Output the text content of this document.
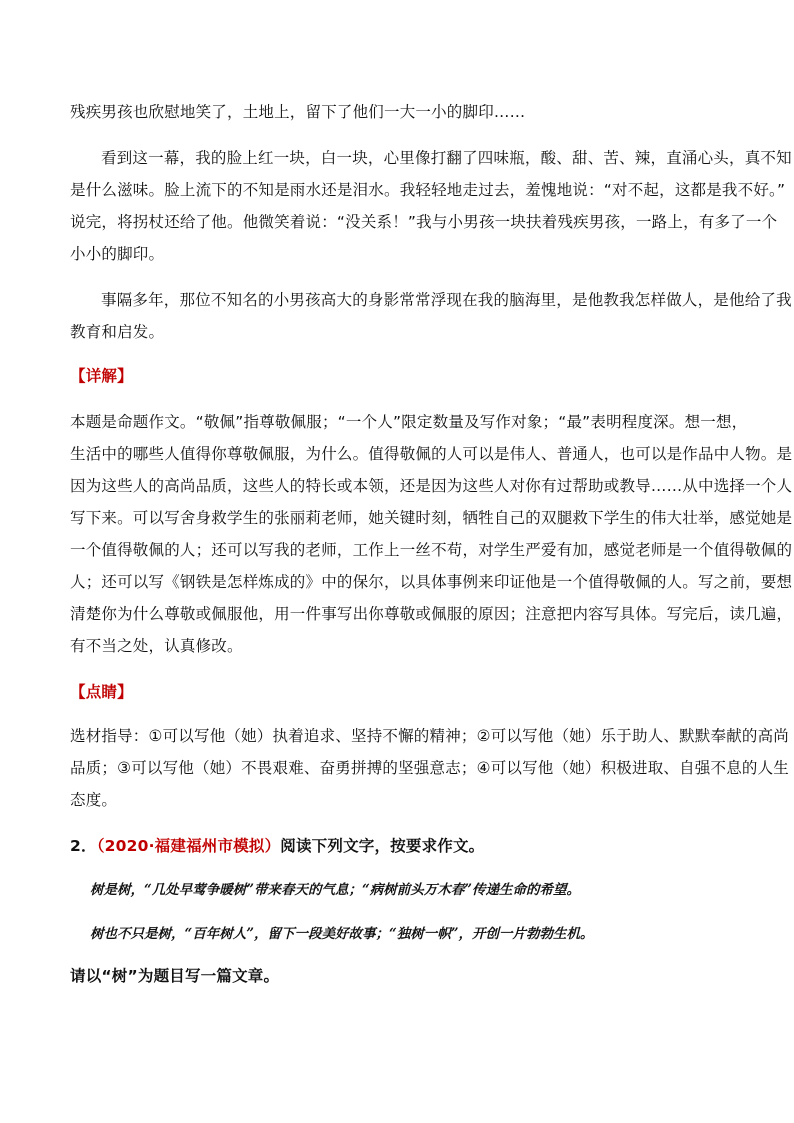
残疾男孩也欣慰地笑了，土地上，留下了他们一大一小的脚印……
看到这一幕，我的脸上红一块，白一块，心里像打翻了四味瓶，酸、甜、苦、辣，直涌心头，真不知
是什么滋味。脸上流下的不知是雨水还是泪水。我轻轻地走过去，羞愧地说：“对不起，这都是我不好。”
说完，将拐杖还给了他。他微笑着说：“没关系！”我与小男孩一块扶着残疾男孩，一路上，有多了一个
小小的脚印。
事隔多年，那位不知名的小男孩高大的身影常常浮现在我的脑海里，是他教我怎样做人，是他给了我
教育和启发。
【详解】
本题是命题作文。“敬佩”指尊敬佩服；“一个人”限定数量及写作对象；“最”表明程度深。想一想，
生活中的哪些人值得你尊敬佩服，为什么。值得敬佩的人可以是伟人、普通人，也可以是作品中人物。是
因为这些人的高尚品质，这些人的特长或本领，还是因为这些人对你有过帮助或教导……从中选择一个人
写下来。可以写舍身救学生的张丽莉老师，她关键时刻，牺牲自己的双腿救下学生的伟大壮举，感觉她是
一个值得敬佩的人；还可以写我的老师，工作上一丝不苟，对学生严爱有加，感觉老师是一个值得敬佩的
人；还可以写《钢铁是怎样炼成的》中的保尔，以具体事例来印证他是一个值得敬佩的人。写之前，要想
清楚你为什么尊敬或佩服他，用一件事写出你尊敬或佩服的原因；注意把内容写具体。写完后，读几遍，
有不当之处，认真修改。
【点睛】
选材指导：①可以写他（她）执着追求、坚持不懈的精神；②可以写他（她）乐于助人、默默奉献的高尚
品质；③可以写他（她）不畏艰难、奋勇拼搏的坚强意志；④可以写他（她）积极进取、自强不息的人生
态度。
2．（2020·福建福州市模拟）阅读下列文字，按要求作文。
树是树，“几处早莺争暖树”带来春天的气息；“病树前头万木春”传递生命的希望。
树也不只是树，“百年树人”，留下一段美好故事；“独树一帜”，开创一片勃勃生机。
请以“树”为题目写一篇文章。
